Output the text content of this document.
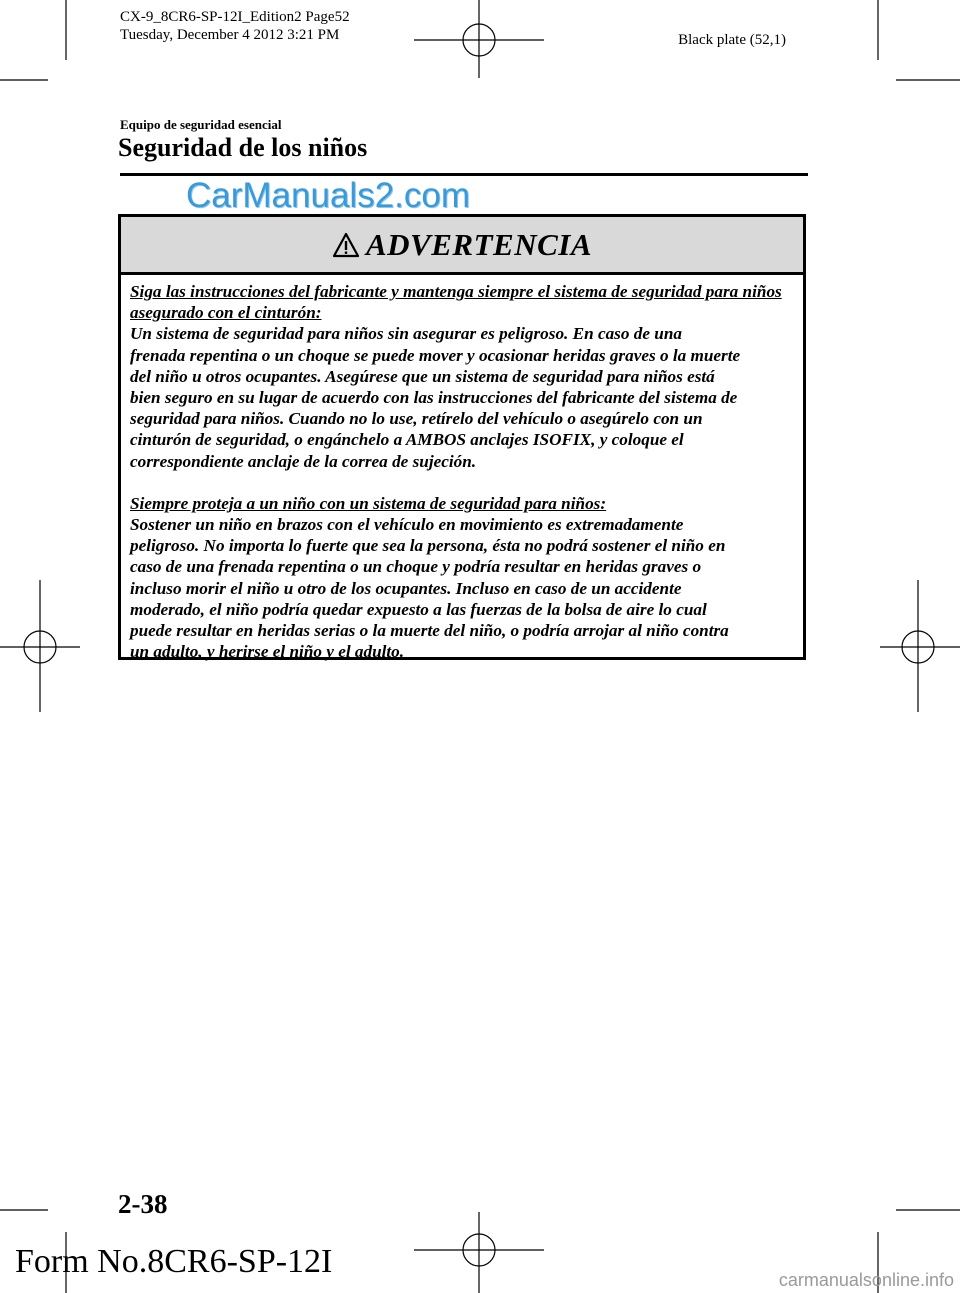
CX-9_8CR6-SP-12I_Edition2 Page52
Tuesday, December 4 2012 3:21 PM	Black plate (52,1)
Equipo de seguridad esencial
Seguridad de los niños
CarManuals2.com
ADVERTENCIA

Siga las instrucciones del fabricante y mantenga siempre el sistema de seguridad para niños asegurado con el cinturón:

Un sistema de seguridad para niños sin asegurar es peligroso. En caso de una
frenada repentina o un choque se puede mover y ocasionar heridas graves o la muerte
del niño u otros ocupantes. Asegúrese que un sistema de seguridad para niños está
bien seguro en su lugar de acuerdo con las instrucciones del fabricante del sistema de
seguridad para niños. Cuando no lo use, retírelo del vehículo o asegúrelo con un
cinturón de seguridad, o engánchelo a AMBOS anclajes ISOFIX, y coloque el
correspondiente anclaje de la correa de sujeción.

Siempre proteja a un niño con un sistema de seguridad para niños:

Sostener un niño en brazos con el vehículo en movimiento es extremadamente
peligroso. No importa lo fuerte que sea la persona, ésta no podrá sostener el niño en
caso de una frenada repentina o un choque y podría resultar en heridas graves o
incluso morir el niño u otro de los ocupantes. Incluso en caso de un accidente
moderado, el niño podría quedar expuesto a las fuerzas de la bolsa de aire lo cual
puede resultar en heridas serias o la muerte del niño, o podría arrojar al niño contra
un adulto, y herirse el niño y el adulto.
2-38
Form No.8CR6-SP-12I	carmanualsonline.info
